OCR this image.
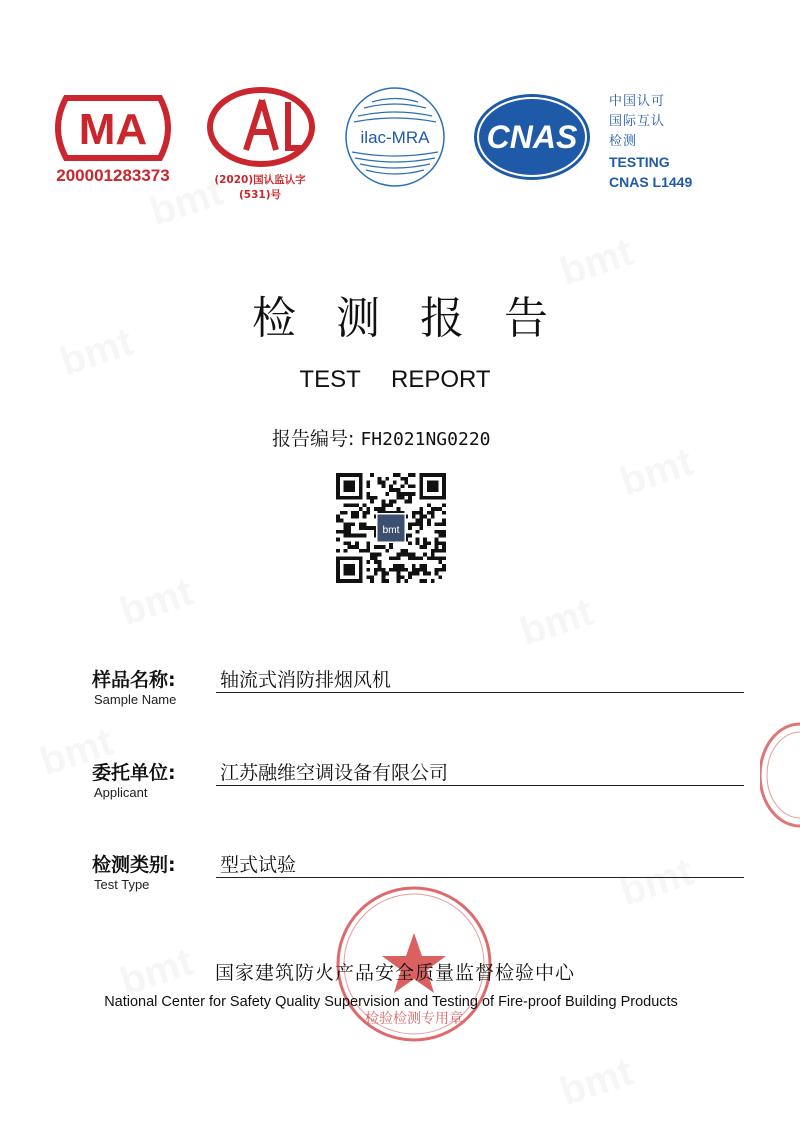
MA
200001283373	(2020)国认监认字(531)号
ilac-MRA CNAS
中国认可
国际互认
检测
TESTING
CNAS L1449
检测报告
TEST REPORT
报告编号: FH2021NG0220
bmt
样品名称:
Sample Name
轴流式消防排烟风机
委托单位:
Applicant
江苏融维空调设备有限公司
检测类别:
Test Type
型式试验
检验检测专用章
国家建筑防火产品安全质量监督检验中心
National Center for Safety Quality Supervision and Testing of Fire-proof Building Products
